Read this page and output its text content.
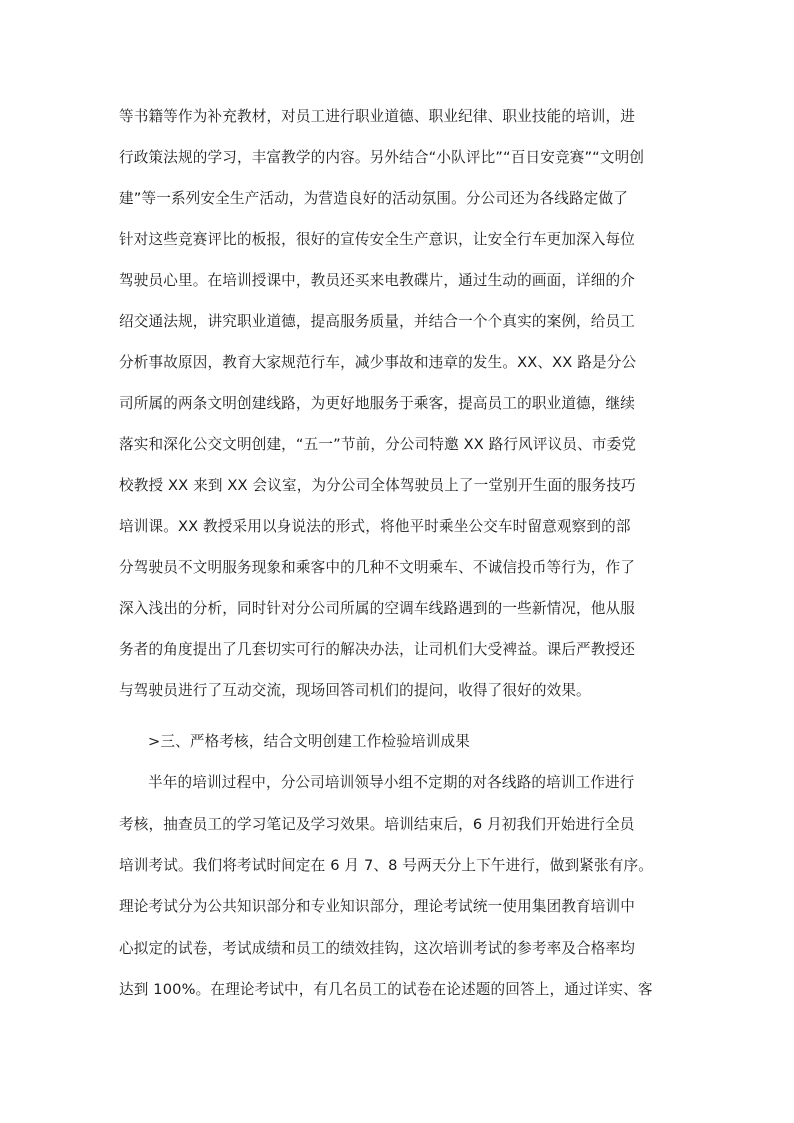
等书籍等作为补充教材，对员工进行职业道德、职业纪律、职业技能的培训，进
行政策法规的学习，丰富教学的内容。另外结合“小队评比”“百日安竞赛”“文明创
建”等一系列安全生产活动，为营造良好的活动氛围。分公司还为各线路定做了
针对这些竞赛评比的板报，很好的宣传安全生产意识，让安全行车更加深入每位
驾驶员心里。在培训授课中，教员还买来电教碟片，通过生动的画面，详细的介
绍交通法规，讲究职业道德，提高服务质量，并结合一个个真实的案例，给员工
分析事故原因，教育大家规范行车，减少事故和违章的发生。XX、XX 路是分公
司所属的两条文明创建线路，为更好地服务于乘客，提高员工的职业道德，继续
落实和深化公交文明创建，“五一”节前，分公司特邀 XX 路行风评议员、市委党
校教授 XX 来到 XX 会议室，为分公司全体驾驶员上了一堂别开生面的服务技巧
培训课。XX 教授采用以身说法的形式，将他平时乘坐公交车时留意观察到的部
分驾驶员不文明服务现象和乘客中的几种不文明乘车、不诚信投币等行为，作了
深入浅出的分析，同时针对分公司所属的空调车线路遇到的一些新情况，他从服
务者的角度提出了几套切实可行的解决办法，让司机们大受裨益。课后严教授还
与驾驶员进行了互动交流，现场回答司机们的提问，收得了很好的效果。
>三、严格考核，结合文明创建工作检验培训成果
半年的培训过程中，分公司培训领导小组不定期的对各线路的培训工作进行
考核，抽查员工的学习笔记及学习效果。培训结束后，6 月初我们开始进行全员
培训考试。我们将考试时间定在 6 月 7、8 号两天分上下午进行，做到紧张有序。
理论考试分为公共知识部分和专业知识部分，理论考试统一使用集团教育培训中
心拟定的试卷，考试成绩和员工的绩效挂钩，这次培训考试的参考率及合格率均
达到 100%。在理论考试中，有几名员工的试卷在论述题的回答上，通过详实、客
